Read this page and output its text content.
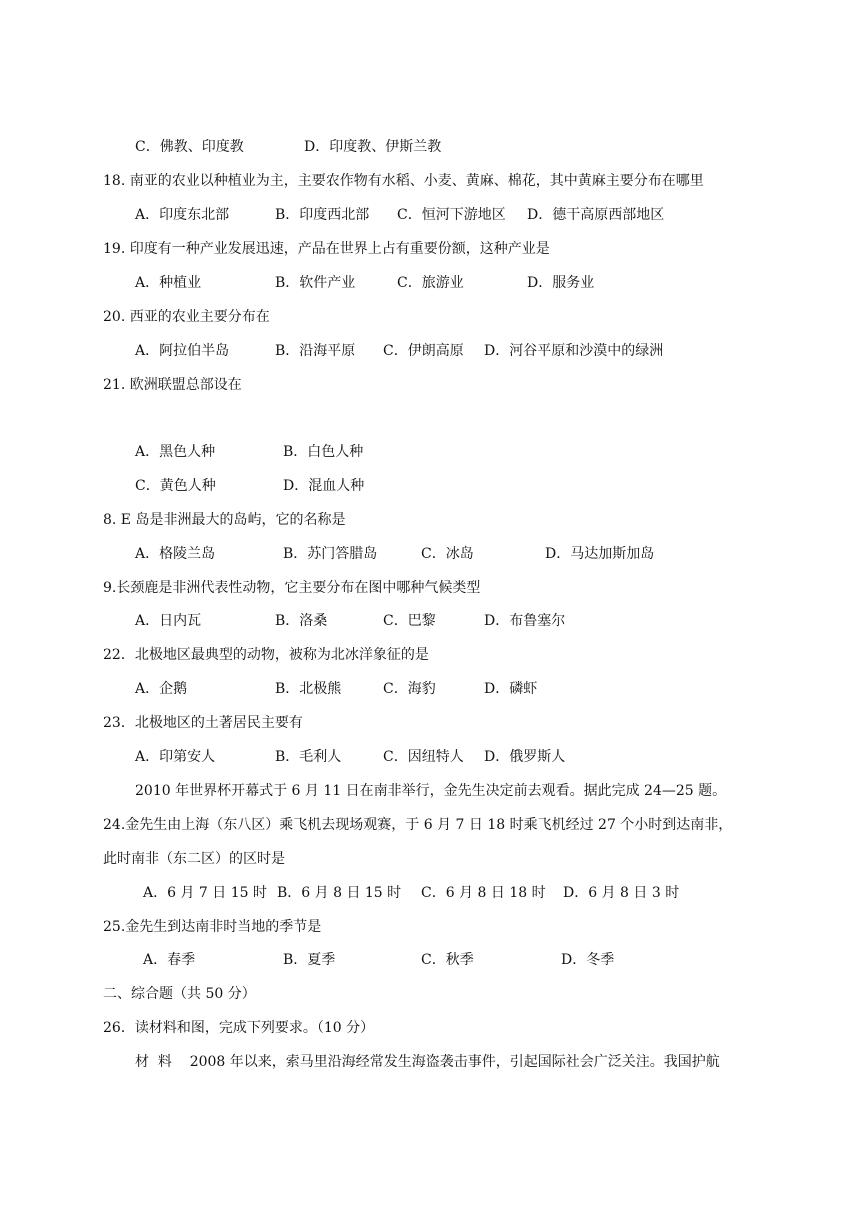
C．佛教、印度教	D．印度教、伊斯兰教
18. 南亚的农业以种植业为主，主要农作物有水稻、小麦、黄麻、棉花，其中黄麻主要分布在哪里
A．印度东北部	B．印度西北部 C．恒河下游地区 D．德干高原西部地区
19. 印度有一种产业发展迅速，产品在世界上占有重要份额，这种产业是
A．种植业	B．软件产业	C．旅游业	D．服务业
20. 西亚的农业主要分布在
A．阿拉伯半岛	B．沿海平原 C．伊朗高原 D．河谷平原和沙漠中的绿洲
21. 欧洲联盟总部设在
A．黑色人种	B．白色人种
C．黄色人种	D．混血人种
8. E 岛是非洲最大的岛屿，它的名称是
A．格陵兰岛	B．苏门答腊岛	C．冰岛	D．马达加斯加岛
9.长颈鹿是非洲代表性动物，它主要分布在图中哪种气候类型
A．日内瓦	B．洛桑	C．巴黎	D．布鲁塞尔
22．北极地区最典型的动物，被称为北冰洋象征的是
A．企鹅	B．北极熊	C．海豹	D．磷虾
23．北极地区的土著居民主要有
A．印第安人	B．毛利人	C．因纽特人 D．俄罗斯人
2010 年世界杯开幕式于 6 月 11 日在南非举行，金先生决定前去观看。据此完成 24—25 题。
24.金先生由上海（东八区）乘飞机去现场观赛，于 6 月 7 日 18 时乘飞机经过 27 个小时到达南非，
此时南非（东二区）的区时是
A．6 月 7 日 15 时 B．6 月 8 日 15 时 C．6 月 8 日 18 时 D．6 月 8 日 3 时
25.金先生到达南非时当地的季节是
A．春季	B．夏季	C．秋季	D．冬季
二、综合题（共 50 分）
26．读材料和图，完成下列要求。（10 分）
材  料    2008 年以来，索马里沿海经常发生海盗袭击事件，引起国际社会广泛关注。我国护航
